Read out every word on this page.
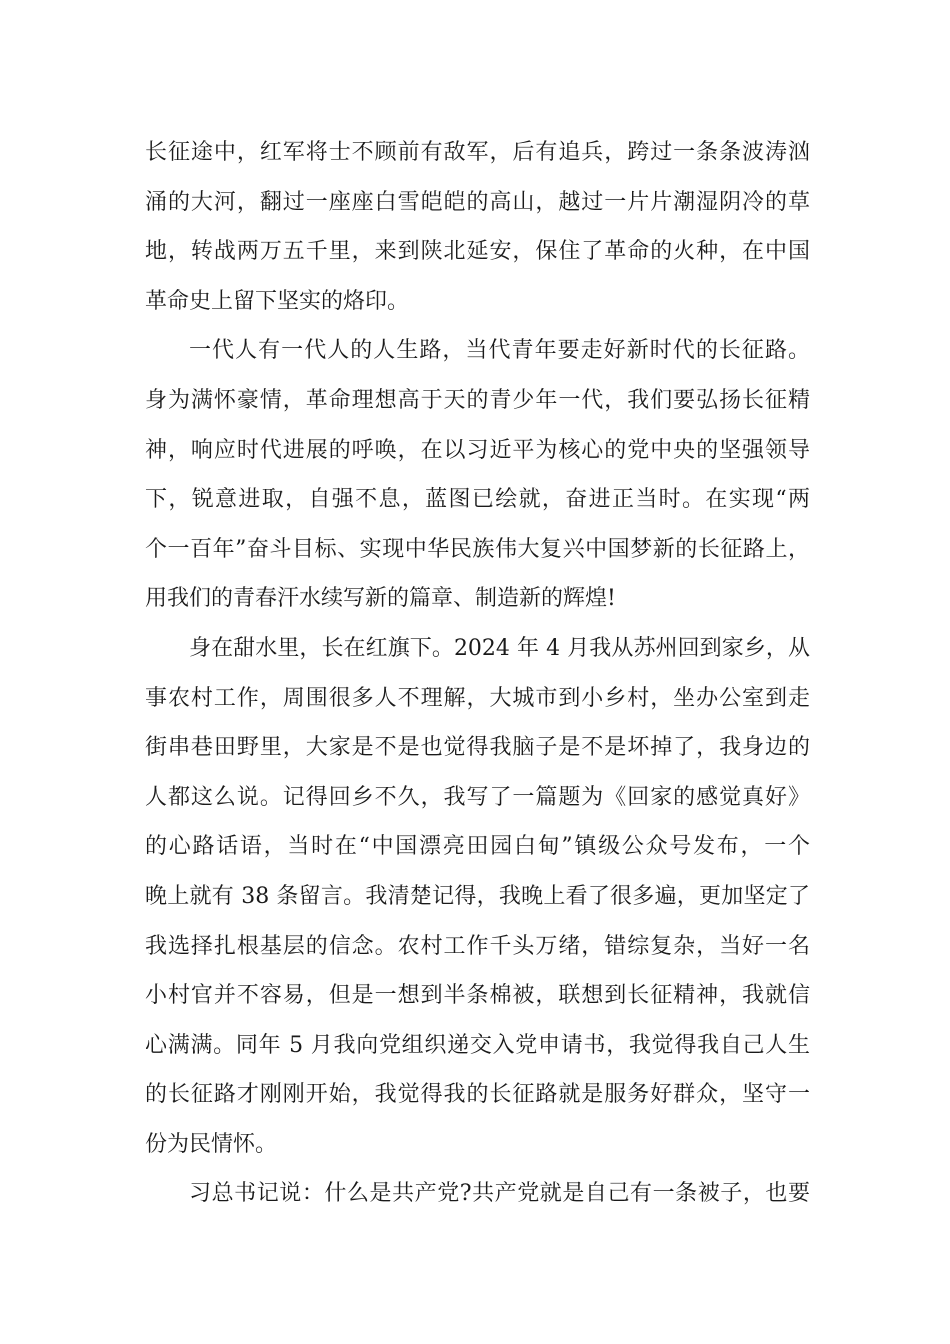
长征途中，红军将士不顾前有敌军，后有追兵，跨过一条条波涛汹
涌的大河，翻过一座座白雪皑皑的高山，越过一片片潮湿阴冷的草
地，转战两万五千里，来到陕北延安，保住了革命的火种，在中国
革命史上留下坚实的烙印。
一代人有一代人的人生路，当代青年要走好新时代的长征路。
身为满怀豪情，革命理想高于天的青少年一代，我们要弘扬长征精
神，响应时代进展的呼唤，在以习近平为核心的党中央的坚强领导
下，锐意进取，自强不息，蓝图已绘就，奋进正当时。在实现“两
个一百年”奋斗目标、实现中华民族伟大复兴中国梦新的长征路上，
用我们的青春汗水续写新的篇章、制造新的辉煌!
身在甜水里，长在红旗下。2024 年 4 月我从苏州回到家乡，从
事农村工作，周围很多人不理解，大城市到小乡村，坐办公室到走
街串巷田野里，大家是不是也觉得我脑子是不是坏掉了，我身边的
人都这么说。记得回乡不久，我写了一篇题为《回家的感觉真好》
的心路话语，当时在“中国漂亮田园白甸”镇级公众号发布，一个
晚上就有 38 条留言。我清楚记得，我晚上看了很多遍，更加坚定了
我选择扎根基层的信念。农村工作千头万绪，错综复杂，当好一名
小村官并不容易，但是一想到半条棉被，联想到长征精神，我就信
心满满。同年 5 月我向党组织递交入党申请书，我觉得我自己人生
的长征路才刚刚开始，我觉得我的长征路就是服务好群众，坚守一
份为民情怀。
习总书记说：什么是共产党?共产党就是自己有一条被子，也要
